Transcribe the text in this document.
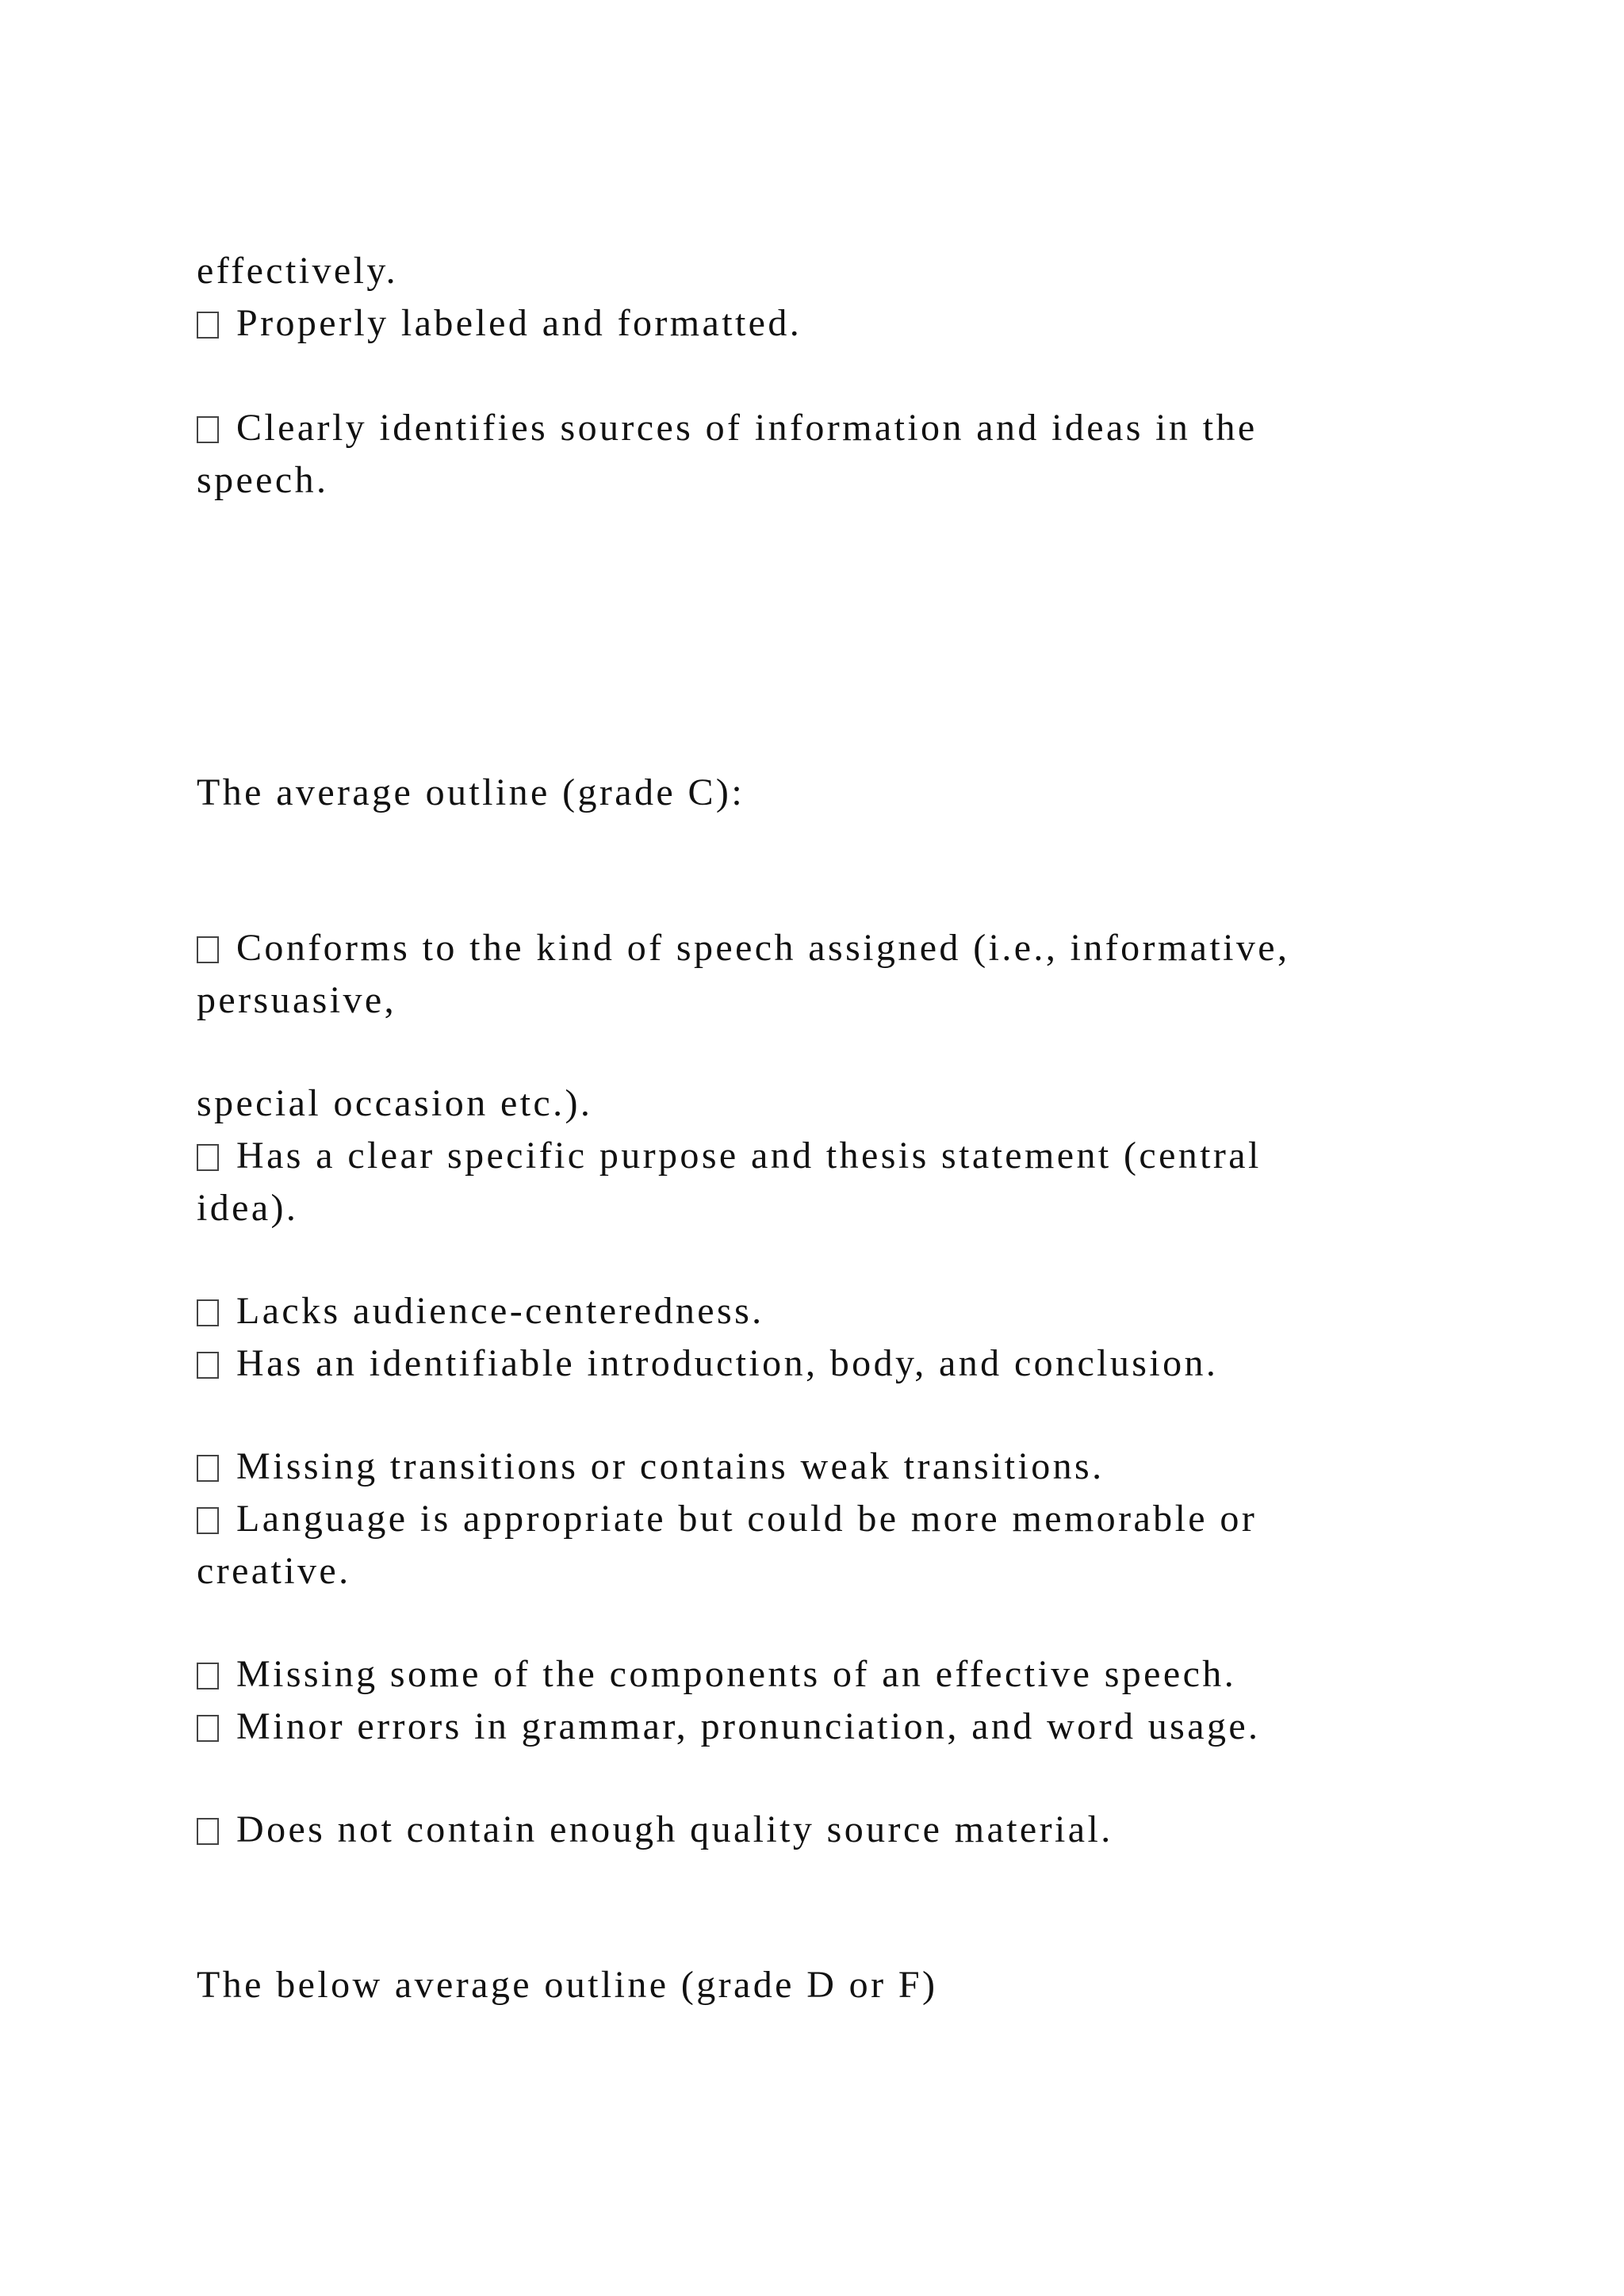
effectively.
Properly labeled and formatted.
Clearly identifies sources of information and ideas in the
speech.
The average outline (grade C):
Conforms to the kind of speech assigned (i.e., informative,
persuasive,
special occasion etc.).
Has a clear specific purpose and thesis statement (central
idea).
Lacks audience-centeredness.
Has an identifiable introduction, body, and conclusion.
Missing transitions or contains weak transitions.
Language is appropriate but could be more memorable or
creative.
Missing some of the components of an effective speech.
Minor errors in grammar, pronunciation, and word usage.
Does not contain enough quality source material.
The below average outline (grade D or F)
